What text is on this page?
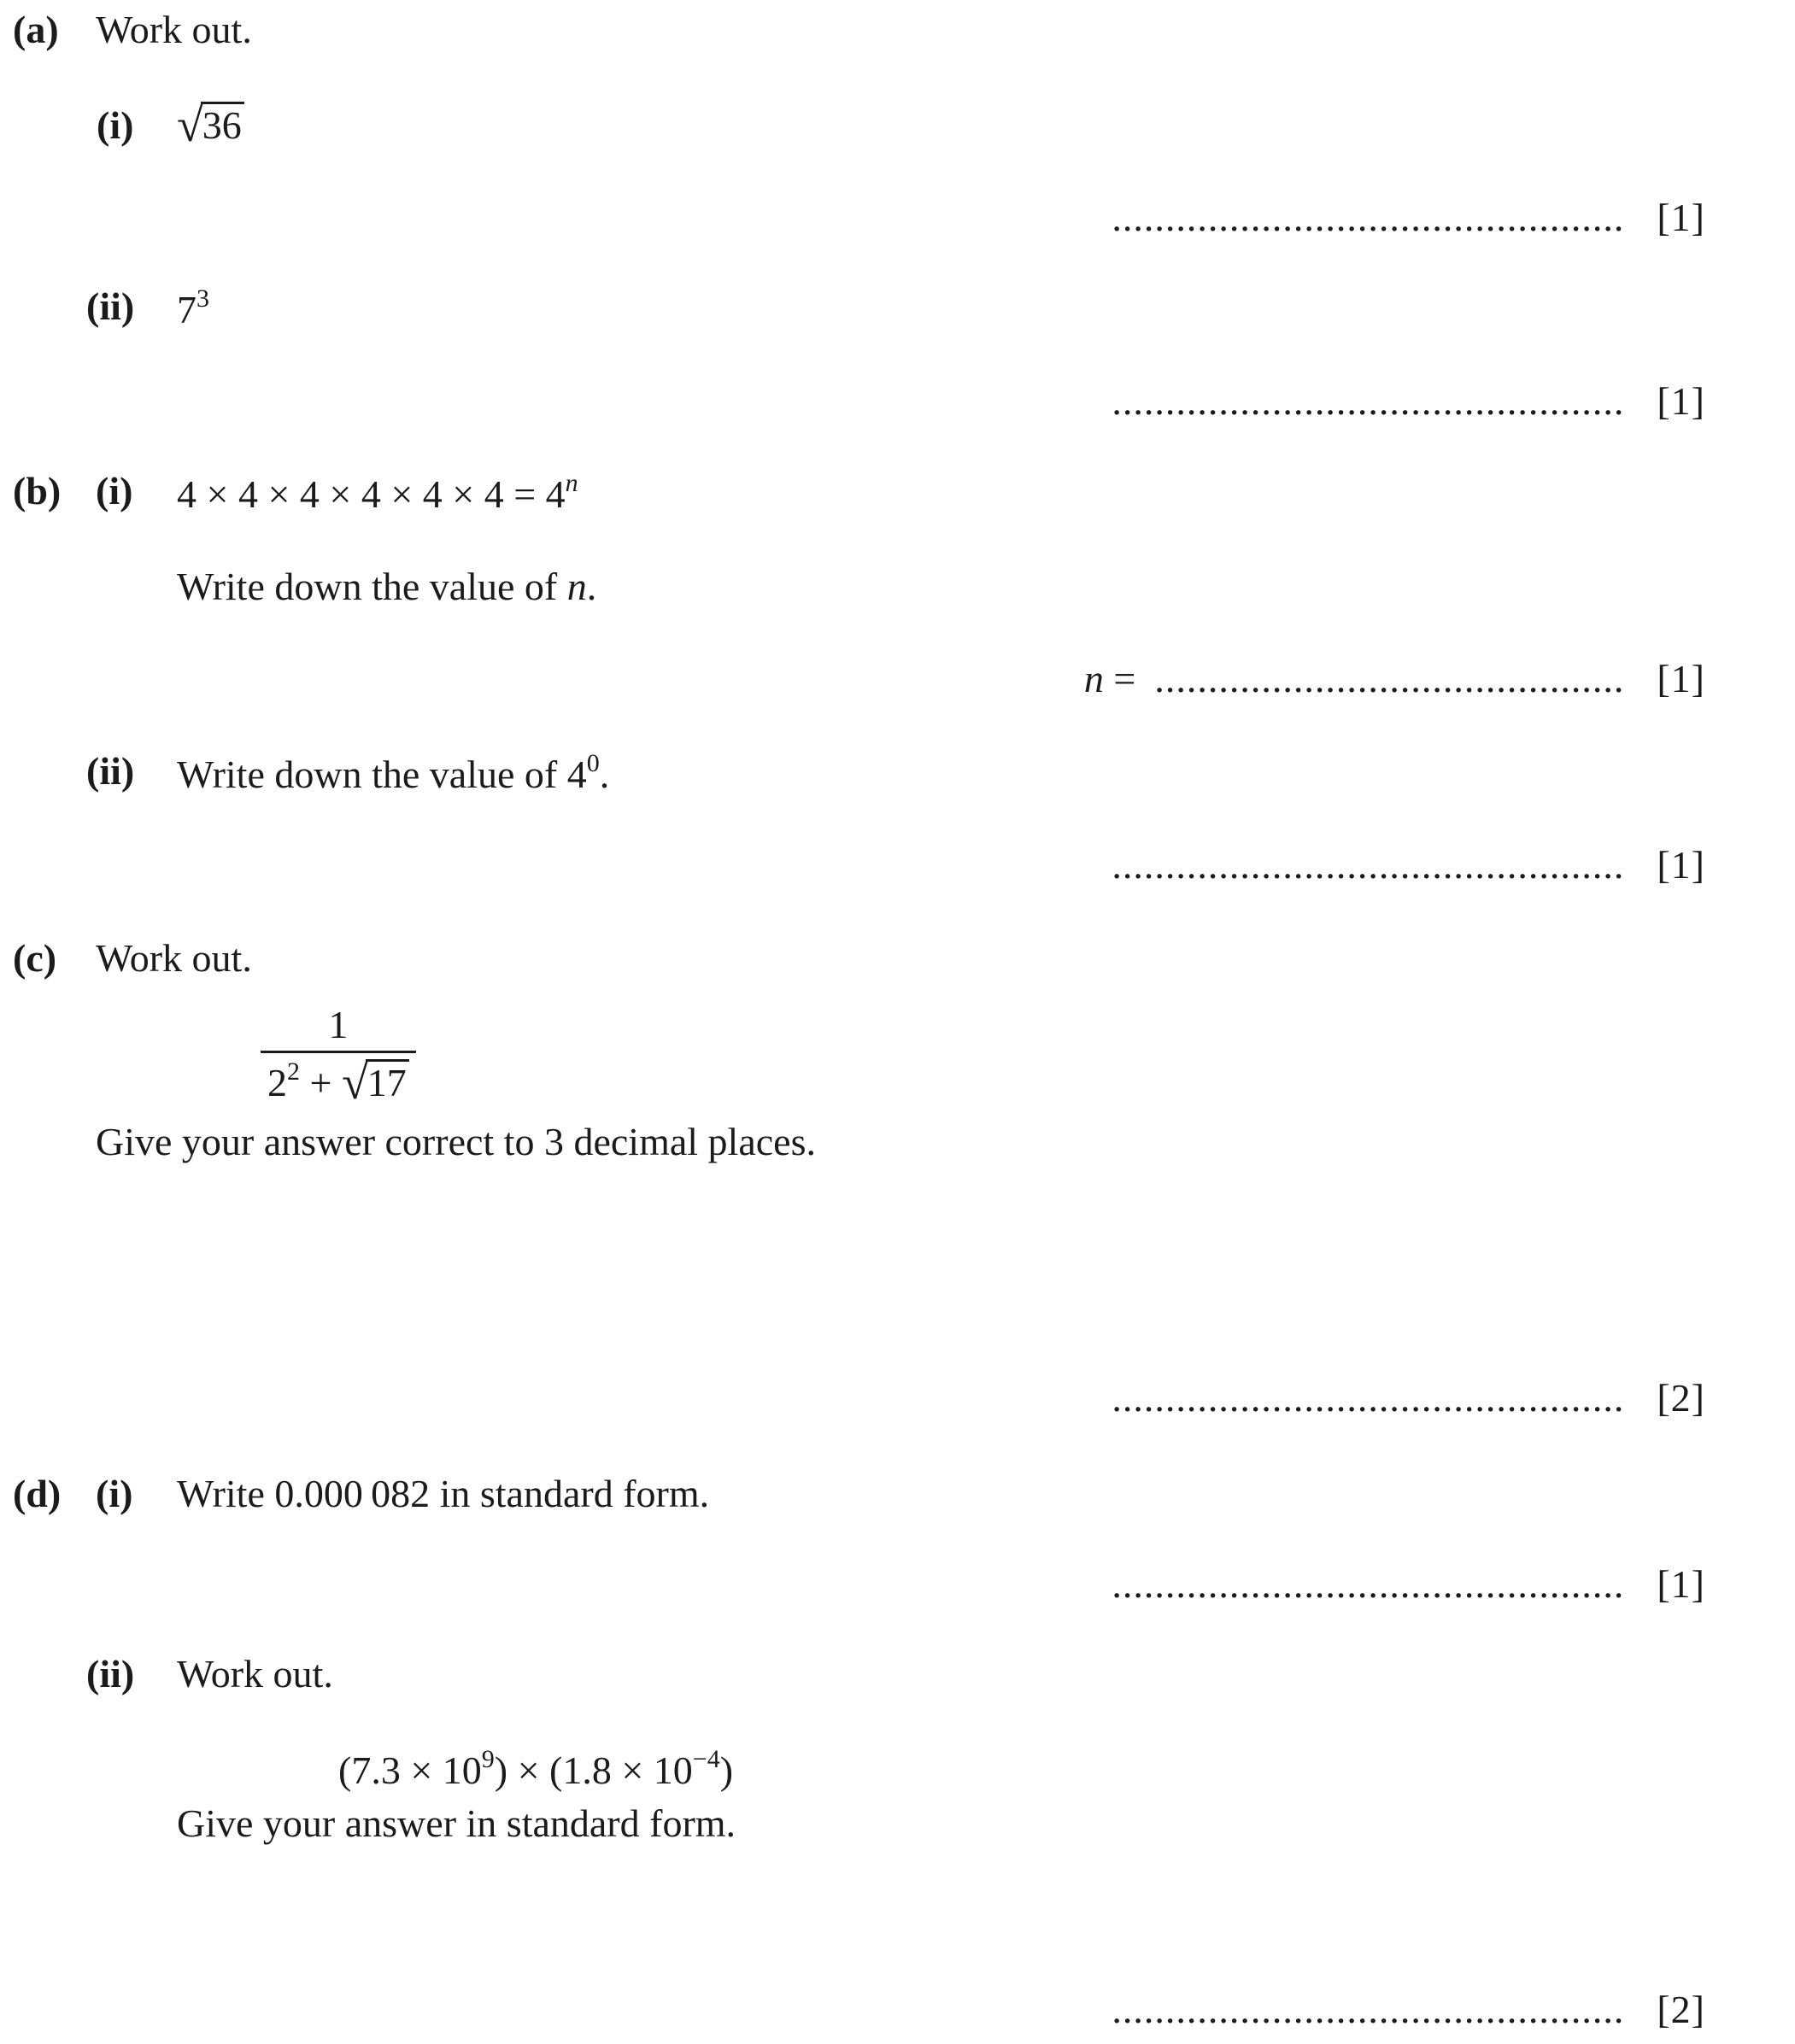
(a) Work out.
(i) √36
................................................ [1]
(ii) $7^3$
................................................ [1]
(b) (i) $4 \times 4 \times 4 \times 4 \times 4 \times 4 = 4^n$
Write down the value of n.
n = ............................................ [1]
(ii) Write down the value of $4^0$.
................................................ [1]
(c) Work out.
$\frac{1}{2^2 + √17}$
Give your answer correct to 3 decimal places.
................................................ [2]
(d) (i) Write 0.000 082 in standard form.
................................................ [1]
(ii) Work out.
$(7.3 \times 10^9) \times (1.8 \times 10^{-4})$
Give your answer in standard form.
................................................ [2]
